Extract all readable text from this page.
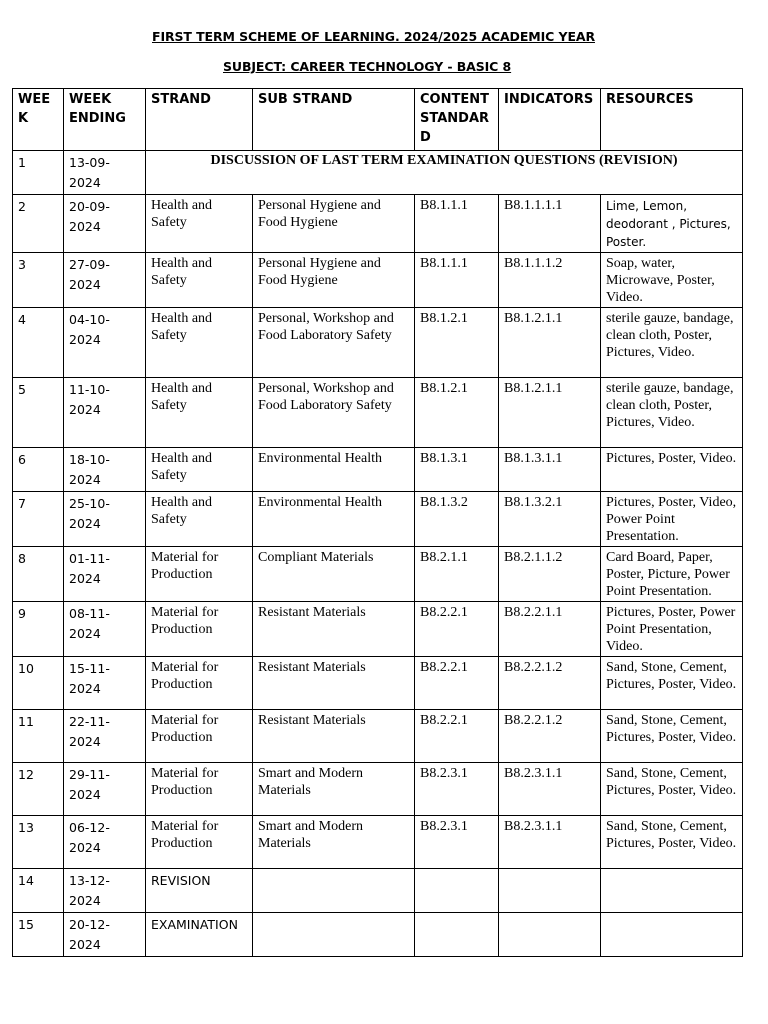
FIRST TERM SCHEME OF LEARNING. 2024/2025 ACADEMIC YEAR
SUBJECT: CAREER TECHNOLOGY - BASIC 8
WEEK	WEEK ENDING	STRAND	SUB STRAND	CONTENT STANDARD	INDICATORS	RESOURCES
1	13-09-2024	DISCUSSION OF LAST TERM EXAMINATION QUESTIONS (REVISION)				
2	20-09-2024	Health and Safety	Personal Hygiene and Food Hygiene	B8.1.1.1	B8.1.1.1.1	Lime, Lemon, deodorant , Pictures, Poster.
3	27-09-2024	Health and Safety	Personal Hygiene and Food Hygiene	B8.1.1.1	B8.1.1.1.2	Soap, water, Microwave, Poster, Video.
4	04-10-2024	Health and Safety	Personal, Workshop and Food Laboratory Safety	B8.1.2.1	B8.1.2.1.1	sterile gauze, bandage, clean cloth, Poster, Pictures, Video.
5	11-10-2024	Health and Safety	Personal, Workshop and Food Laboratory Safety	B8.1.2.1	B8.1.2.1.1	sterile gauze, bandage, clean cloth, Poster, Pictures, Video.
6	18-10-2024	Health and Safety	Environmental Health	B8.1.3.1	B8.1.3.1.1	Pictures, Poster, Video.
7	25-10-2024	Health and Safety	Environmental Health	B8.1.3.2	B8.1.3.2.1	Pictures, Poster, Video, Power Point Presentation.
8	01-11-2024	Material for Production	Compliant Materials	B8.2.1.1	B8.2.1.1.2	Card Board, Paper, Poster, Picture, Power Point Presentation.
9	08-11-2024	Material for Production	Resistant Materials	B8.2.2.1	B8.2.2.1.1	Pictures, Poster, Power Point Presentation, Video.
10	15-11-2024	Material for Production	Resistant Materials	B8.2.2.1	B8.2.2.1.2	Sand, Stone, Cement, Pictures, Poster, Video.
11	22-11-2024	Material for Production	Resistant Materials	B8.2.2.1	B8.2.2.1.2	Sand, Stone, Cement, Pictures, Poster, Video.
12	29-11-2024	Material for Production	Smart and Modern Materials	B8.2.3.1	B8.2.3.1.1	Sand, Stone, Cement, Pictures, Poster, Video.
13	06-12-2024	Material for Production	Smart and Modern Materials	B8.2.3.1	B8.2.3.1.1	Sand, Stone, Cement, Pictures, Poster, Video.
14	13-12-2024	REVISION				
15	20-12-2024	EXAMINATION				
